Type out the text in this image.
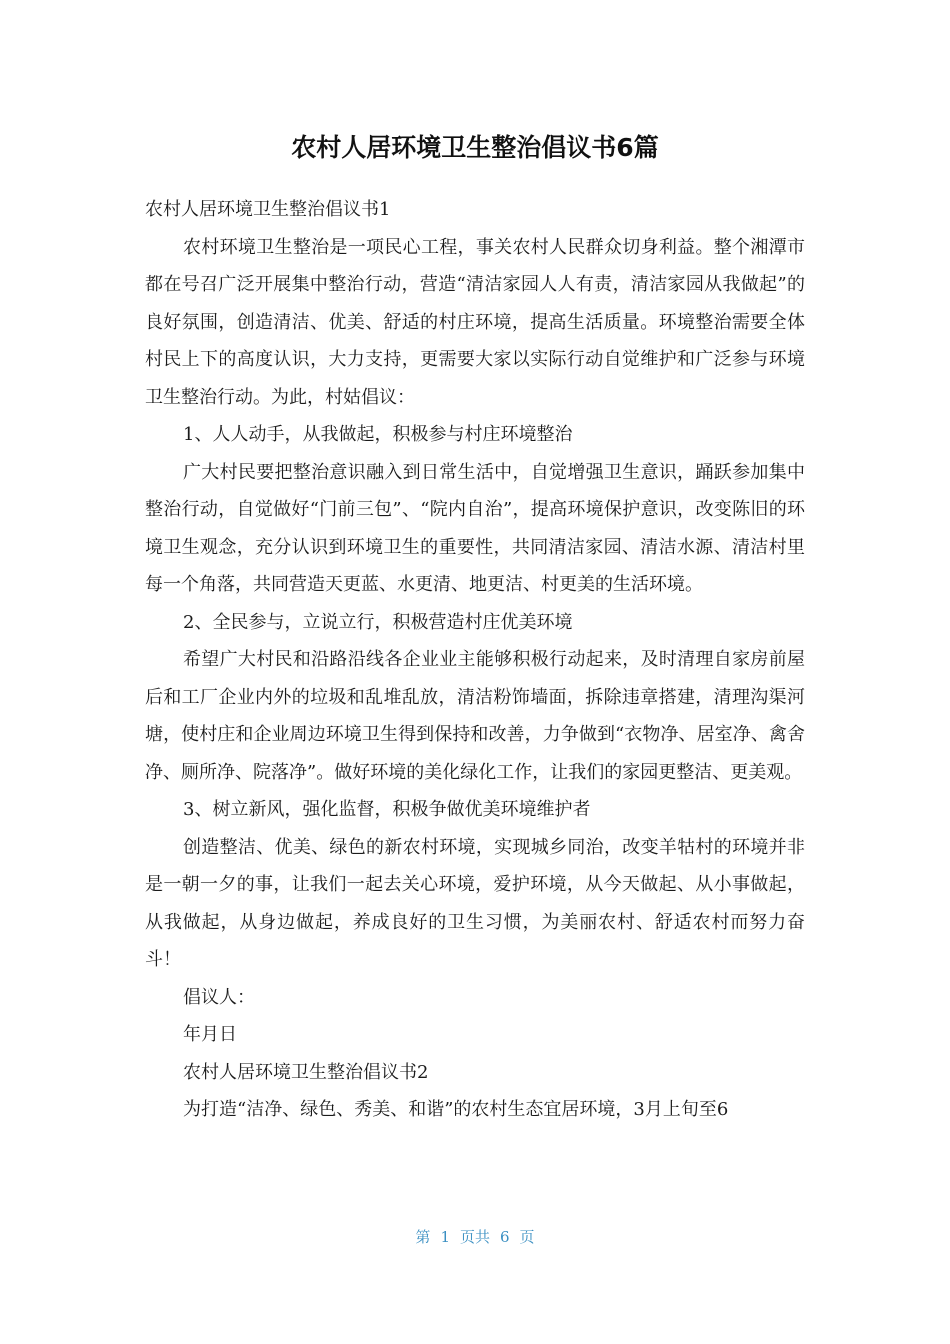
农村人居环境卫生整治倡议书6篇

农村人居环境卫生整治倡议书1

农村环境卫生整治是一项民心工程，事关农村人民群众切身利益。整个湘潭市都在号召广泛开展集中整治行动，营造“清洁家园人人有责，清洁家园从我做起”的良好氛围，创造清洁、优美、舒适的村庄环境，提高生活质量。环境整治需要全体村民上下的高度认识，大力支持，更需要大家以实际行动自觉维护和广泛参与环境卫生整治行动。为此，村姑倡议：

1、人人动手，从我做起，积极参与村庄环境整治

广大村民要把整治意识融入到日常生活中，自觉增强卫生意识，踊跃参加集中整治行动，自觉做好“门前三包”、“院内自治”，提高环境保护意识，改变陈旧的环境卫生观念，充分认识到环境卫生的重要性，共同清洁家园、清洁水源、清洁村里每一个角落，共同营造天更蓝、水更清、地更洁、村更美的生活环境。

2、全民参与，立说立行，积极营造村庄优美环境

希望广大村民和沿路沿线各企业业主能够积极行动起来，及时清理自家房前屋后和工厂企业内外的垃圾和乱堆乱放，清洁粉饰墙面，拆除违章搭建，清理沟渠河塘，使村庄和企业周边环境卫生得到保持和改善，力争做到“衣物净、居室净、禽舍净、厕所净、院落净”。做好环境的美化绿化工作，让我们的家园更整洁、更美观。

3、树立新风，强化监督，积极争做优美环境维护者

创造整洁、优美、绿色的新农村环境，实现城乡同治，改变羊牯村的环境并非是一朝一夕的事，让我们一起去关心环境，爱护环境，从今天做起、从小事做起，从我做起，从身边做起，养成良好的卫生习惯，为美丽农村、舒适农村而努力奋斗！

倡议人：

年月日

农村人居环境卫生整治倡议书2

为打造“洁净、绿色、秀美、和谐”的农村生态宜居环境，3月上旬至6

第 1 页共 6 页
